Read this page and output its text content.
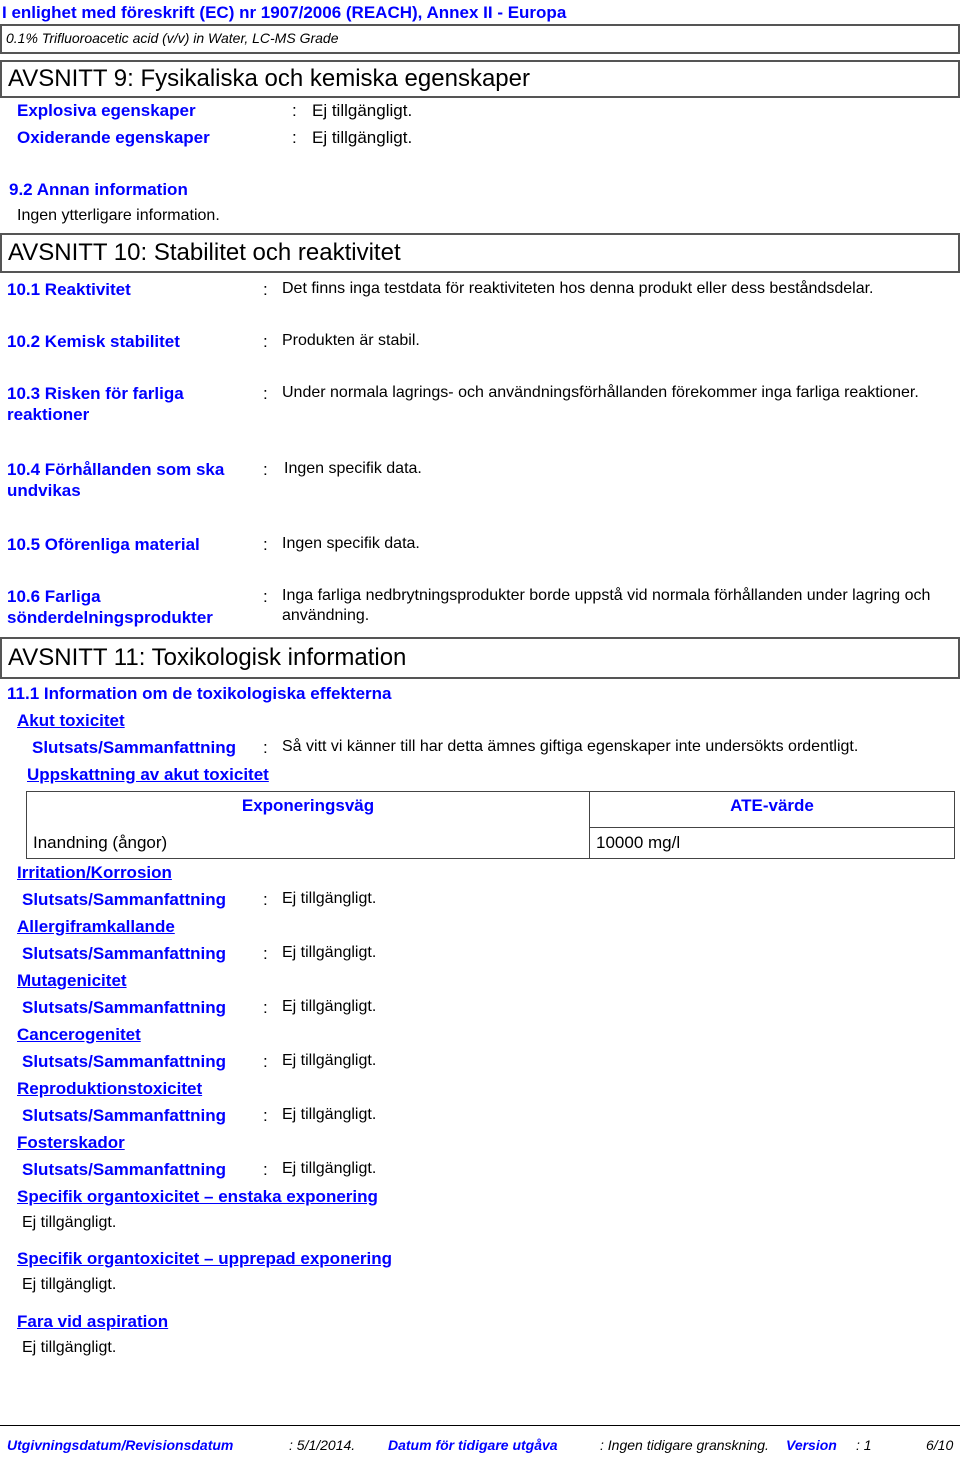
I enlighet med föreskrift (EC) nr 1907/2006 (REACH), Annex II - Europa
0.1% Trifluoroacetic acid (v/v) in Water, LC-MS Grade
AVSNITT 9: Fysikaliska och kemiska egenskaper
Explosiva egenskaper	: Ej tillgängligt.
Oxiderande egenskaper	: Ej tillgängligt.
9.2 Annan information
Ingen ytterligare information.
AVSNITT 10: Stabilitet och reaktivitet
10.1 Reaktivitet	: Det finns inga testdata för reaktiviteten hos denna produkt eller dess beståndsdelar.
10.2 Kemisk stabilitet	: Produkten är stabil.
10.3 Risken för farliga reaktioner
: Under normala lagrings- och användningsförhållanden förekommer inga farliga reaktioner.
10.4 Förhållanden som ska undvikas
: Ingen specifik data.
10.5 Oförenliga material	: Ingen specifik data.
10.6 Farliga sönderdelningsprodukter
: Inga farliga nedbrytningsprodukter borde uppstå vid normala förhållanden under lagring och användning.
AVSNITT 11: Toxikologisk information
11.1 Information om de toxikologiska effekterna
Akut toxicitet
Slutsats/Sammanfattning : Så vitt vi känner till har detta ämnes giftiga egenskaper inte undersökts ordentligt.
Uppskattning av akut toxicitet
Exponeringsväg	ATE-värde
Inandning (ångor)	10000 mg/l
Irritation/Korrosion
Slutsats/Sammanfattning : Ej tillgängligt.
Allergiframkallande
Slutsats/Sammanfattning : Ej tillgängligt.
Mutagenicitet
Slutsats/Sammanfattning : Ej tillgängligt.
Cancerogenitet
Slutsats/Sammanfattning : Ej tillgängligt.
Reproduktionstoxicitet
Slutsats/Sammanfattning : Ej tillgängligt.
Fosterskador
Slutsats/Sammanfattning : Ej tillgängligt.
Specifik organtoxicitet – enstaka exponering
Ej tillgängligt.
Specifik organtoxicitet – upprepad exponering
Ej tillgängligt.
Fara vid aspiration
Ej tillgängligt.
Utgivningsdatum/Revisionsdatum	: 5/1/2014. Datum för tidigare utgåva	: Ingen tidigare granskning. Version : 1	6/10
